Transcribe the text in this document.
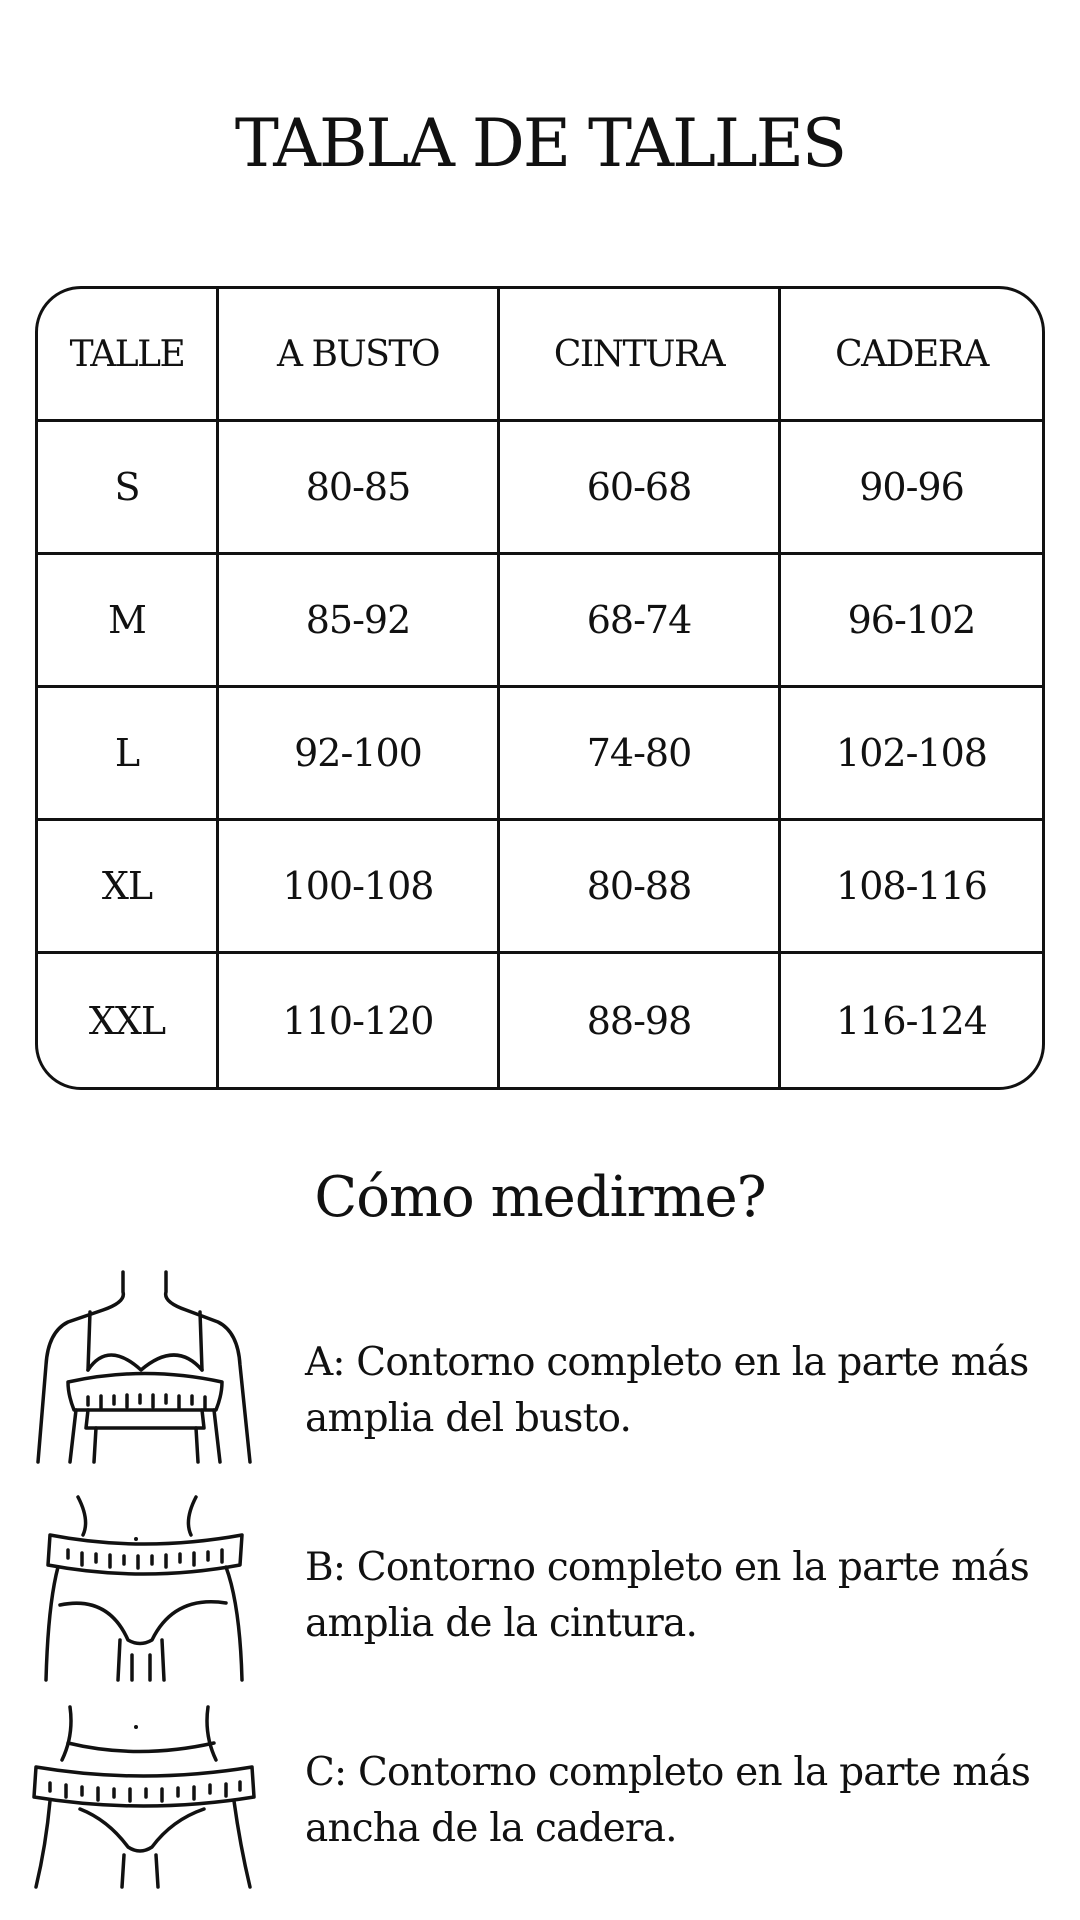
TABLA DE TALLES
TALLE	A BUSTO	CINTURA	CADERA
S	80-85	60-68	90-96
M	85-92	68-74	96-102
L	92-100	74-80	102-108
XL	100-108	80-88	108-116
XXL	110-120	88-98	116-124
Cómo medirme?
A: Contorno completo en la parte más
amplia del busto.
B: Contorno completo en la parte más
amplia de la cintura.
C: Contorno completo en la parte más
ancha de la cadera.
